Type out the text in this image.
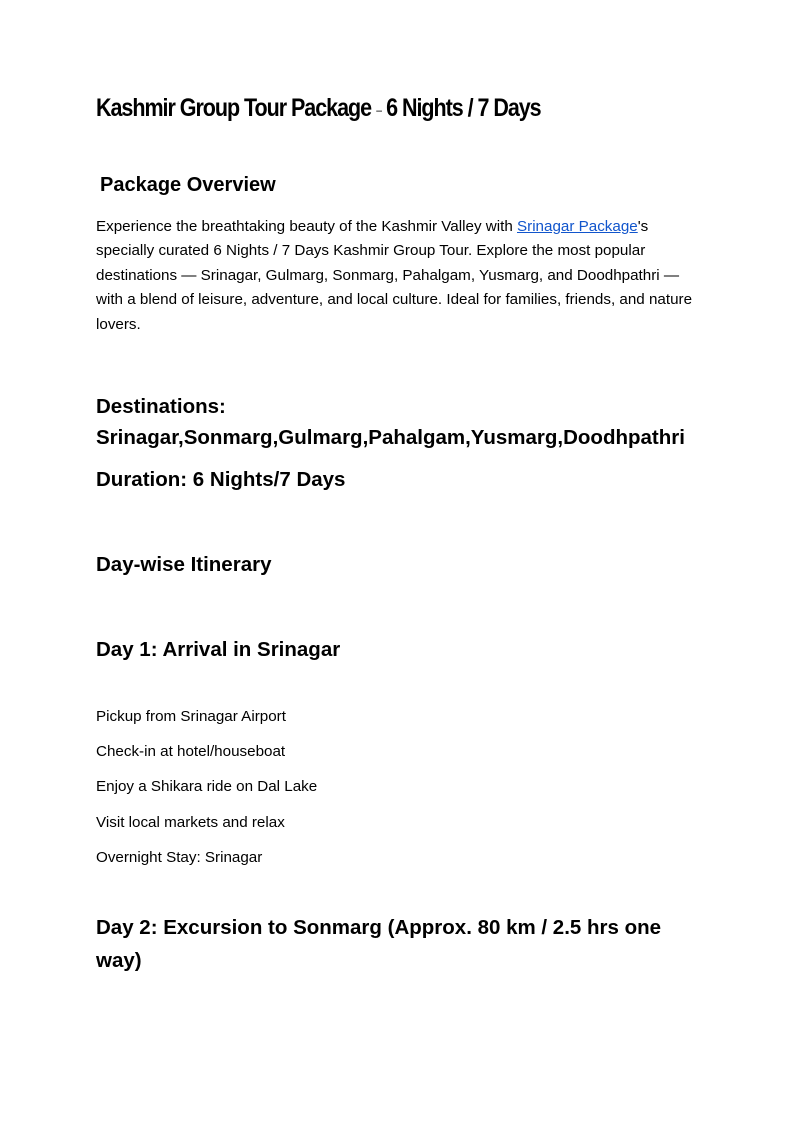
Kashmir Group Tour Package – 6 Nights / 7 Days
Package Overview

Experience the breathtaking beauty of the Kashmir Valley with Srinagar Package's specially curated 6 Nights / 7 Days Kashmir Group Tour. Explore the most popular destinations — Srinagar, Gulmarg, Sonmarg, Pahalgam, Yusmarg, and Doodhpathri — with a blend of leisure, adventure, and local culture. Ideal for families, friends, and nature lovers.

Destinations: Srinagar,Sonmarg,Gulmarg,Pahalgam,Yusmarg,Doodhpathri
Duration: 6 Nights/7 Days
Day-wise Itinerary
Day 1: Arrival in Srinagar
Pickup from Srinagar Airport
Check-in at hotel/houseboat
Enjoy a Shikara ride on Dal Lake
Visit local markets and relax
Overnight Stay: Srinagar
Day 2: Excursion to Sonmarg (Approx. 80 km / 2.5 hrs one way)
